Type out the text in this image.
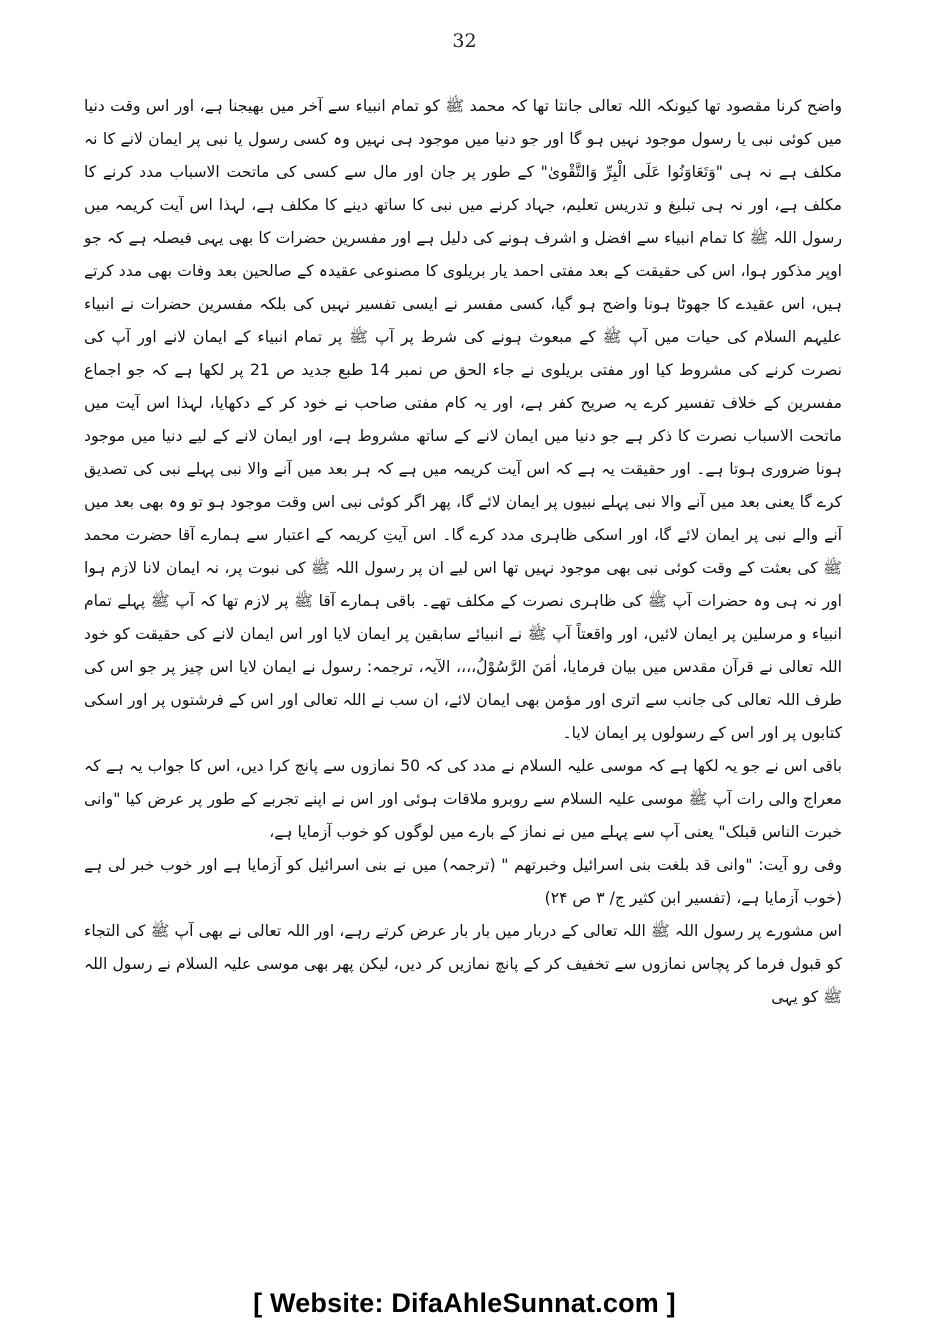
32

واضح کرنا مقصود تھا کیونکہ اللہ تعالی جانتا تھا کہ محمد ﷺ کو تمام انبیاء سے آخر میں بھیجنا ہے، اور اس وقت دنیا میں کوئی نبی یا رسول موجود نہیں ہو گا اور جو دنیا میں موجود ہی نہیں وہ کسی رسول یا نبی پر ایمان لانے کا نہ مکلف ہے نہ ہی "وَتَعَاوَنُوا عَلَى الْبِرِّ وَالتَّقْوىٰ" کے طور پر جان اور مال سے کسی کی ماتحت الاسباب مدد کرنے کا مکلف ہے، اور نہ ہی تبلیغ و تدریس تعلیم، جہاد کرنے میں نبی کا ساتھ دینے کا مکلف ہے، لہذا اس آیت کریمہ میں رسول اللہ ﷺ کا تمام انبیاء سے افضل و اشرف ہونے کی دلیل ہے اور مفسرین حضرات کا بھی یہی فیصلہ ہے کہ جو اوپر مذکور ہوا، اس کی حقیقت کے بعد مفتی احمد یار بریلوی کا مصنوعی عقیدہ کے صالحین بعد وفات بھی مدد کرتے ہیں، اس عقیدے کا جھوٹا ہونا واضح ہو گیا، کسی مفسر نے ایسی تفسیر نہیں کی بلکہ مفسرین حضرات نے انبیاء علیہم السلام کی حیات میں آپ ﷺ کے مبعوث ہونے کی شرط پر آپ ﷺ پر تمام انبیاء کے ایمان لانے اور آپ کی نصرت کرنے کی مشروط کیا اور مفتی بریلوی نے جاء الحق ص نمبر 14 طبع جدید ص 21 پر لکھا ہے کہ جو اجماع مفسرین کے خلاف تفسیر کرے یہ صریح کفر ہے، اور یہ کام مفتی صاحب نے خود کر کے دکھایا، لہذا اس آیت میں ماتحت الاسباب نصرت کا ذکر ہے جو دنیا میں ایمان لانے کے ساتھ مشروط ہے، اور ایمان لانے کے لیے دنیا میں موجود ہونا ضروری ہوتا ہے۔ اور حقیقت یہ ہے کہ اس آیت کریمہ میں ہے کہ ہر بعد میں آنے والا نبی پہلے نبی کی تصدیق کرے گا یعنی بعد میں آنے والا نبی پہلے نبیوں پر ایمان لائے گا، پھر اگر کوئی نبی اس وقت موجود ہو تو وہ بھی بعد میں آنے والے نبی پر ایمان لائے گا، اور اسکی ظاہری مدد کرے گا۔ اس آیتِ کریمہ کے اعتبار سے ہمارے آقا حضرت محمد ﷺ کی بعثت کے وقت کوئی نبی بھی موجود نہیں تھا اس لیے ان پر رسول اللہ ﷺ کی نبوت پر، نہ ایمان لانا لازم ہوا اور نہ ہی وہ حضرات آپ ﷺ کی ظاہری نصرت کے مکلف تھے۔ باقی ہمارے آقا ﷺ پر لازم تھا کہ آپ ﷺ پہلے تمام انبیاء و مرسلین پر ایمان لائیں، اور واقعتاً آپ ﷺ نے انبیائے سابقین پر ایمان لایا اور اس ایمان لانے کی حقیقت کو خود اللہ تعالی نے قرآن مقدس میں بیان فرمایا، اٰمَنَ الرَّسُوْلُ،،،، الآیہ، ترجمہ: رسول نے ایمان لایا اس چیز پر جو اس کی طرف اللہ تعالی کی جانب سے اتری اور مؤمن بھی ایمان لائے، ان سب نے اللہ تعالی اور اس کے فرشتوں پر اور اسکی کتابوں پر اور اس کے رسولوں پر ایمان لایا۔

باقی اس نے جو یہ لکھا ہے کہ موسی علیہ السلام نے مدد کی کہ 50 نمازوں سے پانچ کرا دیں، اس کا جواب یہ ہے کہ معراج والی رات آپ ﷺ موسی علیہ السلام سے روبرو ملاقات ہوئی اور اس نے اپنے تجربے کے طور پر عرض کیا "وانی خبرت الناس قبلک" یعنی آپ سے پہلے میں نے نماز کے بارے میں لوگوں کو خوب آزمایا ہے،

وفی رو آیت: "وانی قد بلغت بنی اسرائیل وخبرتھم " (ترجمہ) میں نے بنی اسرائیل کو آزمایا ہے اور خوب خبر لی ہے (خوب آزمایا ہے، (تفسیر ابن کثیر ج/ ۳ ص ۲۴)

اس مشورے پر رسول اللہ ﷺ اللہ تعالی کے دربار میں بار بار عرض کرتے رہے، اور اللہ تعالی نے بھی آپ ﷺ کی التجاء کو قبول فرما کر پچاس نمازوں سے تخفیف کر کے پانچ نمازیں کر دیں، لیکن پھر بھی موسی علیہ السلام نے رسول اللہ ﷺ کو یہی

[ Website: DifaAhleSunnat.com ]
